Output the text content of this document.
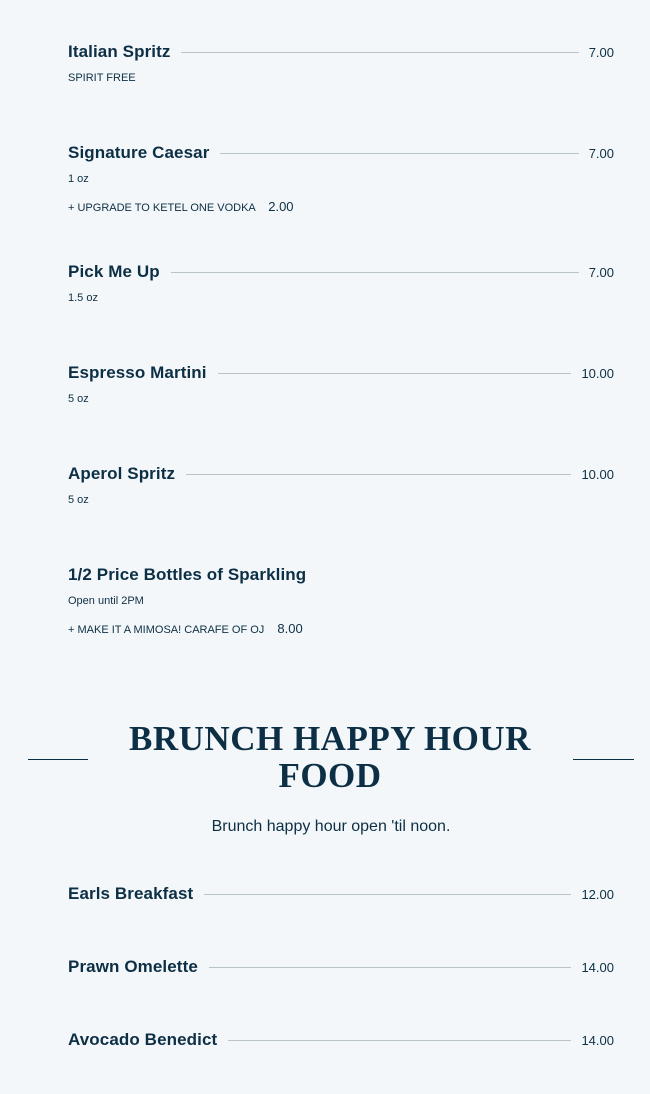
Italian Spritz	7.00
SPIRIT FREE
Signature Caesar	7.00
1 oz
+ UPGRADE TO KETEL ONE VODKA 2.00
Pick Me Up	7.00
1.5 oz
Espresso Martini	10.00
5 oz
Aperol Spritz	10.00
5 oz
1/2 Price Bottles of Sparkling
Open until 2PM
+ MAKE IT A MIMOSA! CARAFE OF OJ 8.00
BRUNCH HAPPY HOUR
FOOD
Brunch happy hour open 'til noon.
Earls Breakfast	12.00
Prawn Omelette	14.00
Avocado Benedict	14.00
